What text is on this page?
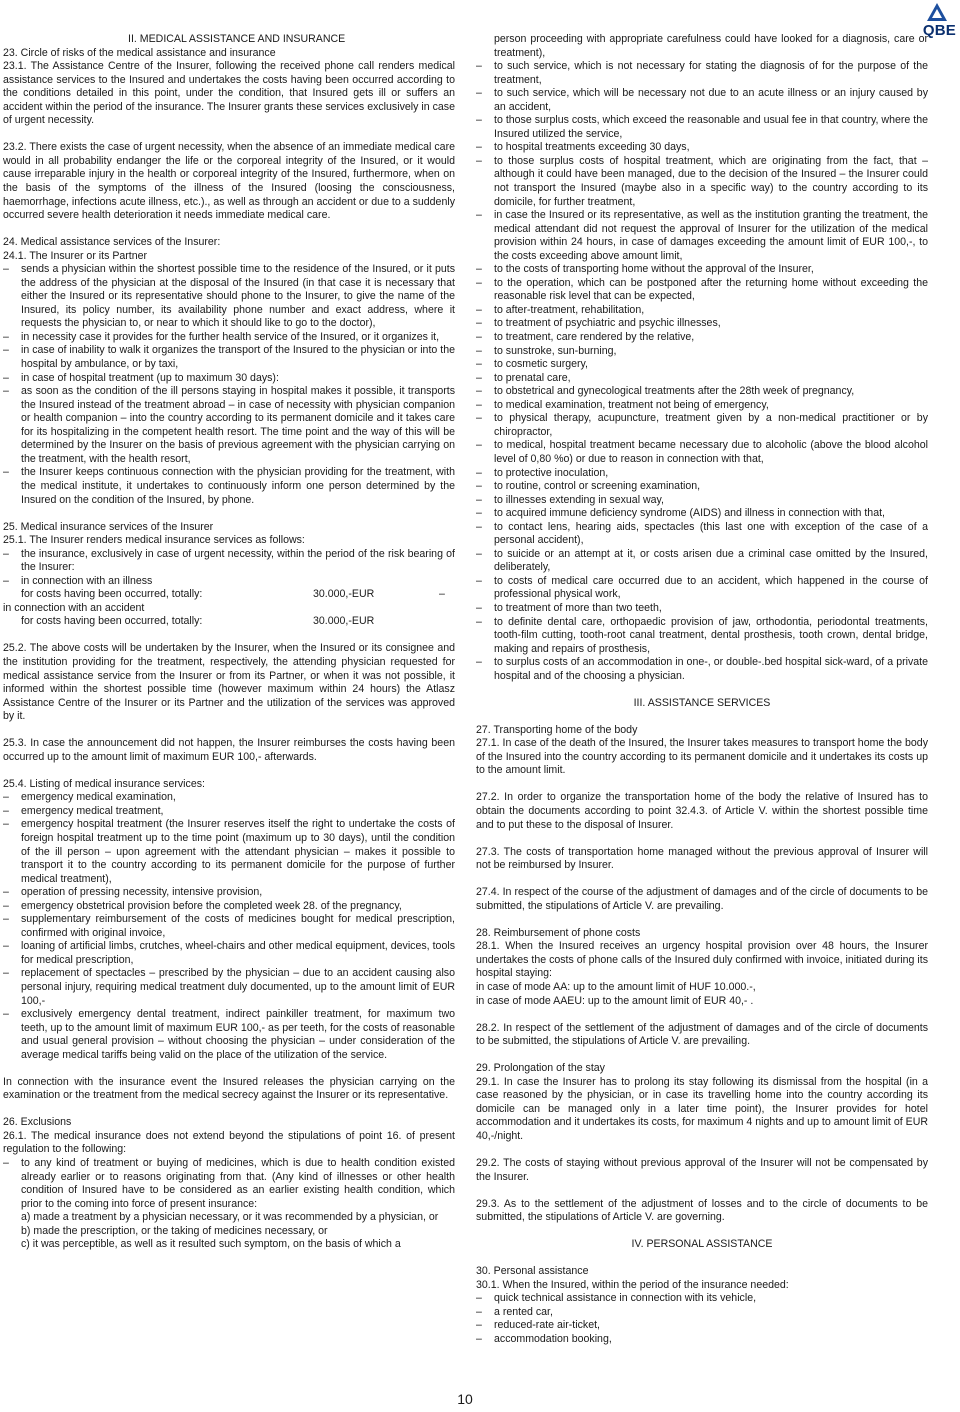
QBE

II. MEDICAL ASSISTANCE AND INSURANCE

23. Circle of risks of the medical assistance and insurance

23.1. The Assistance Centre of the Insurer, following the received phone call renders medical assistance services to the Insured and undertakes the costs having been occurred according to the conditions detailed in this point, under the condition, that Insured gets ill or suffers an accident within the period of the insurance. The Insurer grants these services exclusively in case of urgent necessity.

23.2. There exists the case of urgent necessity, when the absence of an immediate medical care would in all probability endanger the life or the corporeal integrity of the Insured, or it would cause irreparable injury in the health or corporeal integrity of the Insured, furthermore, when on the basis of the symptoms of the illness of the Insured (loosing the consciousness, haemorrhage, infections acute illness, etc.)., as well as through an accident or due to a suddenly occurred severe health deterioration it needs immediate medical care.

24. Medical assistance services of the Insurer:

24.1. The Insurer or its Partner

– sends a physician within the shortest possible time to the residence of the Insured, or it puts the address of the physician at the disposal of the Insured (in that case it is necessary that either the Insured or its representative should phone to the Insurer, to give the name of the Insured, its policy number, its availability phone number and exact address, where it requests the physician to, or near to which it should like to go to the doctor),

– in necessity case it provides for the further health service of the Insured, or it organizes it,

– in case of inability to walk it organizes the transport of the Insured to the physician or into the hospital by ambulance, or by taxi,

– in case of hospital treatment (up to maximum 30 days):

– as soon as the condition of the ill persons staying in hospital makes it possible, it transports the Insured instead of the treatment abroad – in case of necessity with physician companion or health companion – into the country according to its permanent domicile and it takes care for its hospitalizing in the competent health resort. The time point and the way of this will be determined by the Insurer on the basis of previous agreement with the physician carrying on the treatment, with the health resort,

– the Insurer keeps continuous connection with the physician providing for the treatment, with the medical institute, it undertakes to continuously inform one person determined by the Insured on the condition of the Insured, by phone.

25. Medical insurance services of the Insurer

25.1. The Insurer renders medical insurance services as follows:

– the insurance, exclusively in case of urgent necessity, within the period of the risk bearing of the Insurer:

– in connection with an illness

for costs having been occurred, totally:	30.000,-EUR	–

in connection with an accident

for costs having been occurred, totally:	30.000,-EUR

25.2. The above costs will be undertaken by the Insurer, when the Insured or its consignee and the institution providing for the treatment, respectively, the attending physician requested for medical assistance service from the Insurer or from its Partner, or when it was not possible, it informed within the shortest possible time (however maximum within 24 hours) the Atlasz Assistance Centre of the Insurer or its Partner and the utilization of the services was approved by it.

25.3. In case the announcement did not happen, the Insurer reimburses the costs having been occurred up to the amount limit of maximum EUR 100,- afterwards.

25.4. Listing of medical insurance services:

– emergency medical examination,

– emergency medical treatment,

– emergency hospital treatment (the Insurer reserves itself the right to undertake the costs of foreign hospital treatment up to the time point (maximum up to 30 days), until the condition of the ill person – upon agreement with the attendant physician – makes it possible to transport it to the country according to its permanent domicile for the purpose of further medical treatment),

– operation of pressing necessity, intensive provision,

– emergency obstetrical provision before the completed week 28. of the pregnancy,

– supplementary reimbursement of the costs of medicines bought for medical prescription, confirmed with original invoice,

– loaning of artificial limbs, crutches, wheel-chairs and other medical equipment, devices, tools for medical prescription,

– replacement of spectacles – prescribed by the physician – due to an accident causing also personal injury, requiring medical treatment duly documented, up to the amount limit of EUR 100,-

– exclusively emergency dental treatment, indirect painkiller treatment, for maximum two teeth, up to the amount limit of maximum EUR 100,- as per teeth, for the costs of reasonable and usual general provision – without choosing the physician – under consideration of the average medical tariffs being valid on the place of the utilization of the service.

In connection with the insurance event the Insured releases the physician carrying on the examination or the treatment from the medical secrecy against the Insurer or its representative.

26. Exclusions

26.1. The medical insurance does not extend beyond the stipulations of point 16. of present regulation to the following:

– to any kind of treatment or buying of medicines, which is due to health condition existed already earlier or to reasons originating from that. (Any kind of illnesses or other health condition of Insured have to be considered as an earlier existing health condition, which prior to the coming into force of present insurance:

a) made a treatment by a physician necessary, or it was recommended by a physician, or

b) made the prescription, or the taking of medicines necessary, or

c) it was perceptible, as well as it resulted such symptom, on the basis of which a

person proceeding with appropriate carefulness could have looked for a diagnosis, care or treatment),

– to such service, which is not necessary for stating the diagnosis of for the purpose of the treatment,

– to such service, which will be necessary not due to an acute illness or an injury caused by an accident,

– to those surplus costs, which exceed the reasonable and usual fee in that country, where the Insured utilized the service,

– to hospital treatments exceeding 30 days,

– to those surplus costs of hospital treatment, which are originating from the fact, that – although it could have been managed, due to the decision of the Insured – the Insurer could not transport the Insured (maybe also in a specific way) to the country according to its domicile, for further treatment,

– in case the Insured or its representative, as well as the institution granting the treatment, the medical attendant did not request the approval of Insurer for the utilization of the medical provision within 24 hours, in case of damages exceeding the amount limit of EUR 100,-, to the costs exceeding above amount limit,

– to the costs of transporting home without the approval of the Insurer,

– to the operation, which can be postponed after the returning home without exceeding the reasonable risk level that can be expected,

– to after-treatment, rehabilitation,

– to treatment of psychiatric and psychic illnesses,

– to treatment, care rendered by the relative,

– to sunstroke, sun-burning,

– to cosmetic surgery,

– to prenatal care,

– to obstetrical and gynecological treatments after the 28th week of pregnancy,

– to medical examination, treatment not being of emergency,

– to physical therapy, acupuncture, treatment given by a non-medical practitioner or by chiropractor,

– to medical, hospital treatment became necessary due to alcoholic (above the blood alcohol level of 0,80 %o) or due to reason in connection with that,

– to protective inoculation,

– to routine, control or screening examination,

– to illnesses extending in sexual way,

– to acquired immune deficiency syndrome (AIDS) and illness in connection with that,

– to contact lens, hearing aids, spectacles (this last one with exception of the case of a personal accident),

– to suicide or an attempt at it, or costs arisen due a criminal case omitted by the Insured, deliberately,

– to costs of medical care occurred due to an accident, which happened in the course of professional physical work,

– to treatment of more than two teeth,

– to definite dental care, orthopaedic provision of jaw, orthodontia, periodontal treatments, tooth-film cutting, tooth-root canal treatment, dental prosthesis, tooth crown, dental bridge, making and repairs of prosthesis,

– to surplus costs of an accommodation in one-, or double-.bed hospital sick-ward, of a private hospital and of the choosing a physician.

III. ASSISTANCE SERVICES

27. Transporting home of the body

27.1. In case of the death of the Insured, the Insurer takes measures to transport home the body of the Insured into the country according to its permanent domicile and it undertakes its costs up to the amount limit.

27.2. In order to organize the transportation home of the body the relative of Insured has to obtain the documents according to point 32.4.3. of Article V. within the shortest possible time and to put these to the disposal of Insurer.

27.3. The costs of transportation home managed without the previous approval of Insurer will not be reimbursed by Insurer.

27.4. In respect of the course of the adjustment of damages and of the circle of documents to be submitted, the stipulations of Article V. are prevailing.

28. Reimbursement of phone costs

28.1. When the Insured receives an urgency hospital provision over 48 hours, the Insurer undertakes the costs of phone calls of the Insured duly confirmed with invoice, initiated during its hospital staying:

in case of mode AA: up to the amount limit of HUF 10.000.-,

in case of mode AAEU: up to the amount limit of EUR 40,- .

28.2. In respect of the settlement of the adjustment of damages and of the circle of documents to be submitted, the stipulations of Article V. are prevailing.

29. Prolongation of the stay

29.1. In case the Insurer has to prolong its stay following its dismissal from the hospital (in a case reasoned by the physician, or in case its travelling home into the country according its domicile can be managed only in a later time point), the Insurer provides for hotel accommodation and it undertakes its costs, for maximum 4 nights and up to amount limit of EUR 40,-/night.

29.2. The costs of staying without previous approval of the Insurer will not be compensated by the Insurer.

29.3. As to the settlement of the adjustment of losses and to the circle of documents to be submitted, the stipulations of Article V. are governing.

IV. PERSONAL ASSISTANCE

30. Personal assistance

30.1. When the Insured, within the period of the insurance needed:

– quick technical assistance in connection with its vehicle,

– a rented car,

– reduced-rate air-ticket,

– accommodation booking,

10
